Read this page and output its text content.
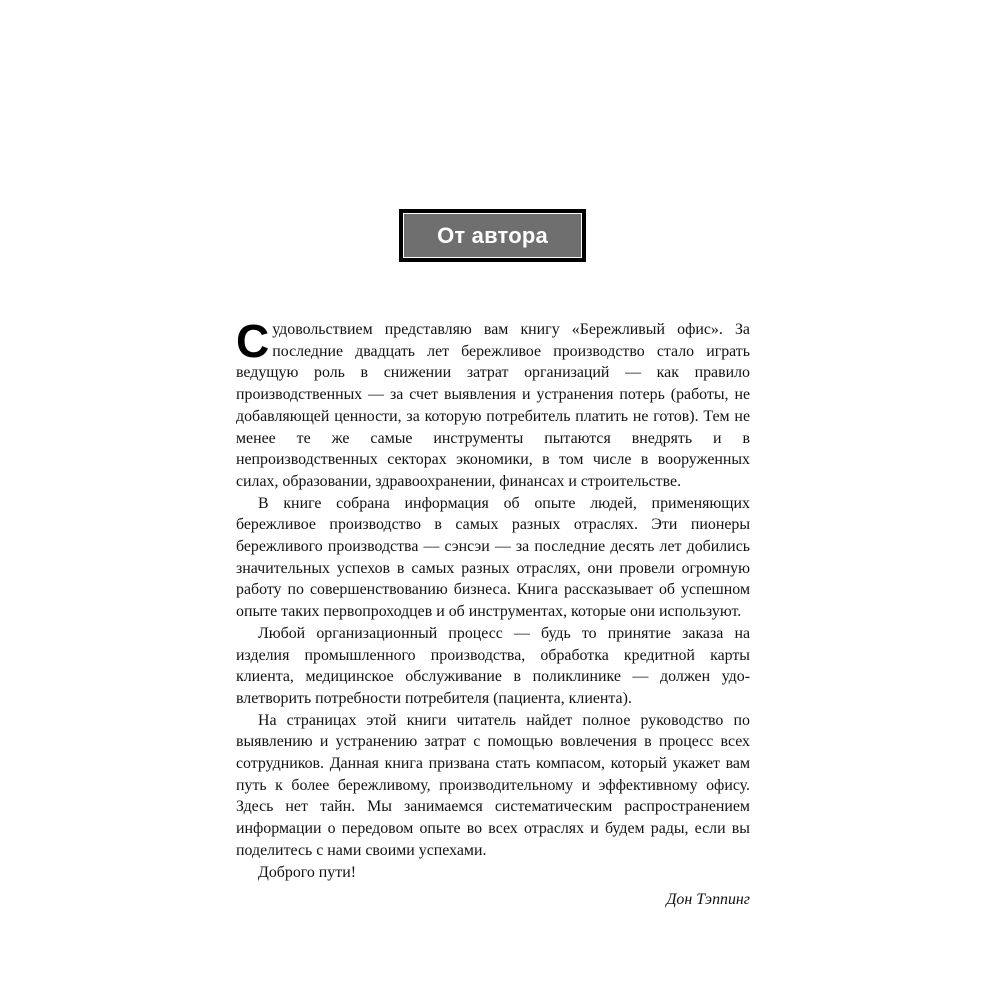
От автора

Судовольствием представляю вам книгу «Бережливый офис». За последние двадцать лет бережливое производство стало играть ведущую роль в снижении затрат организаций — как правило производственных — за счет выявления и устранения потерь (работы, не добавляющей ценности, за которую потребитель платить не готов). Тем не менее те же самые инструменты пытаются внедрять и в непроизводственных секторах экономики, в том числе в вооруженных силах, образовании, здравоохранении, финансах и строительстве.

В книге собрана информация об опыте людей, применяющих бережливое производство в самых разных отраслях. Эти пионеры бережливого производства — сэнсэи — за последние десять лет добились значительных успехов в самых разных отраслях, они провели огромную работу по совершенствованию бизнеса. Книга рассказывает об успешном опыте таких первопроходцев и об инструментах, которые они используют.

Любой организационный процесс — будь то принятие заказа на изделия промышленного производства, обработка кредитной карты клиента, медицинское обслуживание в поликлинике — должен удовлетворить потребности потребителя (пациента, клиента).

На страницах этой книги читатель найдет полное руководство по выявлению и устранению затрат с помощью вовлечения в процесс всех сотрудников. Данная книга призвана стать компасом, который укажет вам путь к более бережливому, производительному и эффективному офису. Здесь нет тайн. Мы занимаемся систематическим распространением информации о передовом опыте во всех отраслях и будем рады, если вы поделитесь с нами своими успехами.

Доброго пути!

Дон Тэппинг
